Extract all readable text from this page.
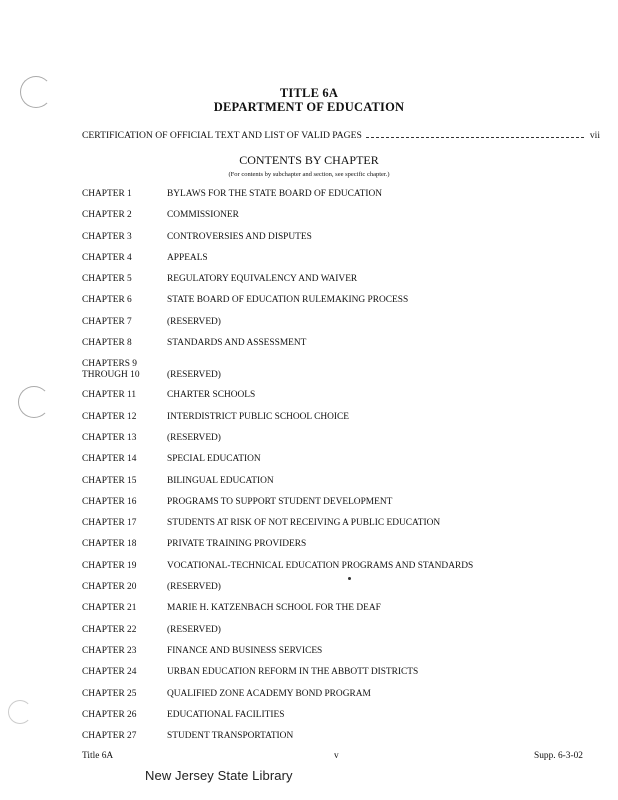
TITLE 6A
DEPARTMENT OF EDUCATION
CERTIFICATION OF OFFICIAL TEXT AND LIST OF VALID PAGES	vii
CONTENTS BY CHAPTER
(For contents by subchapter and section, see specific chapter.)
CHAPTER 1	BYLAWS FOR THE STATE BOARD OF EDUCATION
CHAPTER 2	COMMISSIONER
CHAPTER 3	CONTROVERSIES AND DISPUTES
CHAPTER 4	APPEALS
CHAPTER 5	REGULATORY EQUIVALENCY AND WAIVER
CHAPTER 6	STATE BOARD OF EDUCATION RULEMAKING PROCESS
CHAPTER 7	(RESERVED)
CHAPTER 8	STANDARDS AND ASSESSMENT
CHAPTERS 9
THROUGH 10	(RESERVED)
CHAPTER 11	CHARTER SCHOOLS
CHAPTER 12	INTERDISTRICT PUBLIC SCHOOL CHOICE
CHAPTER 13	(RESERVED)
CHAPTER 14	SPECIAL EDUCATION
CHAPTER 15	BILINGUAL EDUCATION
CHAPTER 16	PROGRAMS TO SUPPORT STUDENT DEVELOPMENT
CHAPTER 17	STUDENTS AT RISK OF NOT RECEIVING A PUBLIC EDUCATION
CHAPTER 18	PRIVATE TRAINING PROVIDERS
CHAPTER 19	VOCATIONAL-TECHNICAL EDUCATION PROGRAMS AND STANDARDS
CHAPTER 20	(RESERVED)
CHAPTER 21	MARIE H. KATZENBACH SCHOOL FOR THE DEAF
CHAPTER 22	(RESERVED)
CHAPTER 23	FINANCE AND BUSINESS SERVICES
CHAPTER 24	URBAN EDUCATION REFORM IN THE ABBOTT DISTRICTS
CHAPTER 25	QUALIFIED ZONE ACADEMY BOND PROGRAM
CHAPTER 26	EDUCATIONAL FACILITIES
CHAPTER 27	STUDENT TRANSPORTATION
Title 6A	v	Supp. 6-3-02
New Jersey State Library
